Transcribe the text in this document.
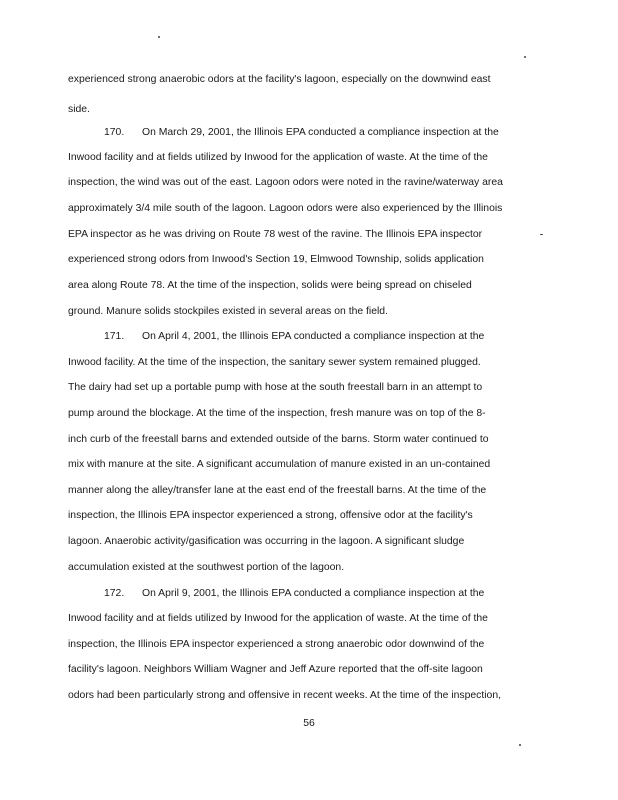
experienced strong anaerobic odors at the facility's lagoon, especially on the downwind east
side.
170. On March 29, 2001, the Illinois EPA conducted a compliance inspection at the
Inwood facility and at fields utilized by Inwood for the application of waste. At the time of the
inspection, the wind was out of the east. Lagoon odors were noted in the ravine/waterway area
approximately 3/4 mile south of the lagoon. Lagoon odors were also experienced by the Illinois
EPA inspector as he was driving on Route 78 west of the ravine. The Illinois EPA inspector
experienced strong odors from Inwood's Section 19, Elmwood Township, solids application
area along Route 78. At the time of the inspection, solids were being spread on chiseled
ground. Manure solids stockpiles existed in several areas on the field.
171. On April 4, 2001, the Illinois EPA conducted a compliance inspection at the
Inwood facility. At the time of the inspection, the sanitary sewer system remained plugged.
The dairy had set up a portable pump with hose at the south freestall barn in an attempt to
pump around the blockage. At the time of the inspection, fresh manure was on top of the 8-
inch curb of the freestall barns and extended outside of the barns. Storm water continued to
mix with manure at the site. A significant accumulation of manure existed in an un-contained
manner along the alley/transfer lane at the east end of the freestall barns. At the time of the
inspection, the Illinois EPA inspector experienced a strong, offensive odor at the facility's
lagoon. Anaerobic activity/gasification was occurring in the lagoon. A significant sludge
accumulation existed at the southwest portion of the lagoon.
172. On April 9, 2001, the Illinois EPA conducted a compliance inspection at the
Inwood facility and at fields utilized by Inwood for the application of waste. At the time of the
inspection, the Illinois EPA inspector experienced a strong anaerobic odor downwind of the
facility's lagoon. Neighbors William Wagner and Jeff Azure reported that the off-site lagoon
odors had been particularly strong and offensive in recent weeks. At the time of the inspection,
56
